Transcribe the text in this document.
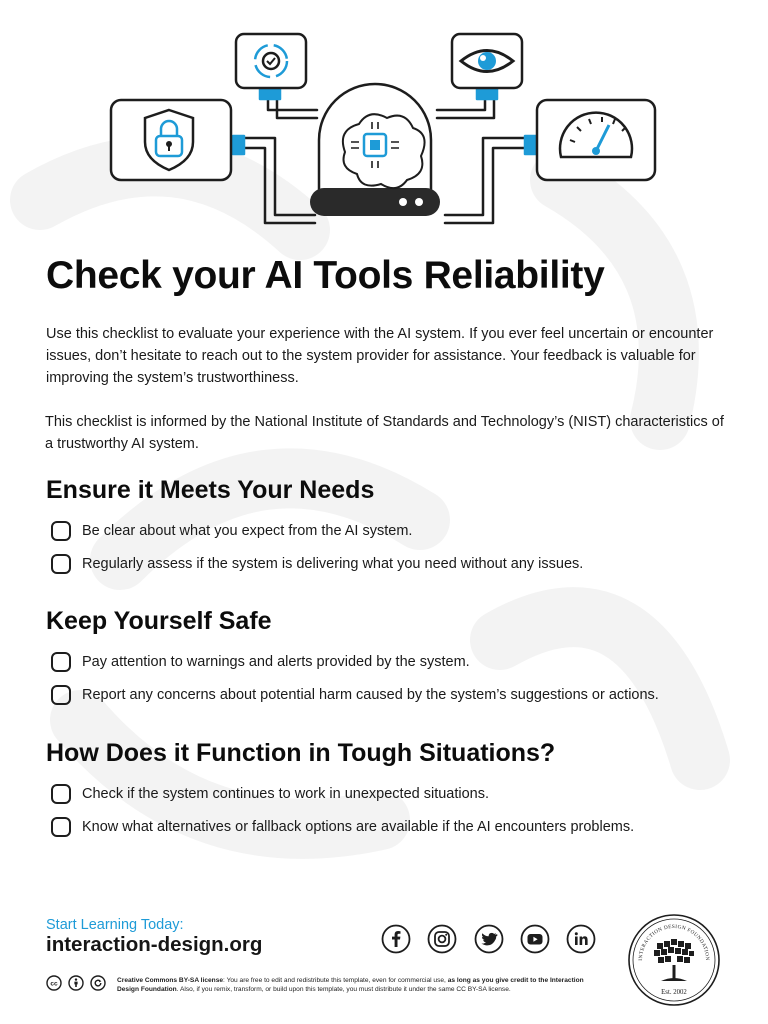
Check your AI Tools Reliability
Use this checklist to evaluate your experience with the AI system. If you ever feel uncertain or encounter issues, don’t hesitate to reach out to the system provider for assistance. Your feedback is valuable for improving the system’s trustworthiness.
This checklist is informed by the National Institute of Standards and Technology’s (NIST) characteristics of a trustworthy AI system.
Ensure it Meets Your Needs
Be clear about what you expect from the AI system.
Regularly assess if the system is delivering what you need without any issues.
Keep Yourself Safe
Pay attention to warnings and alerts provided by the system.
Report any concerns about potential harm caused by the system’s suggestions or actions.
How Does it Function in Tough Situations?
Check if the system continues to work in unexpected situations.
Know what alternatives or fallback options are available if the AI encounters problems.
Start Learning Today:
interaction-design.org
cc
Creative Commons BY-SA license: You are free to edit and redistribute this template, even for commercial use, as long as you give credit to the Interaction Design Foundation. Also, if you remix, transform, or build upon this template, you must distribute it under the same CC BY-SA license.
INTERACTION DESIGN FOUNDATION
Est. 2002
